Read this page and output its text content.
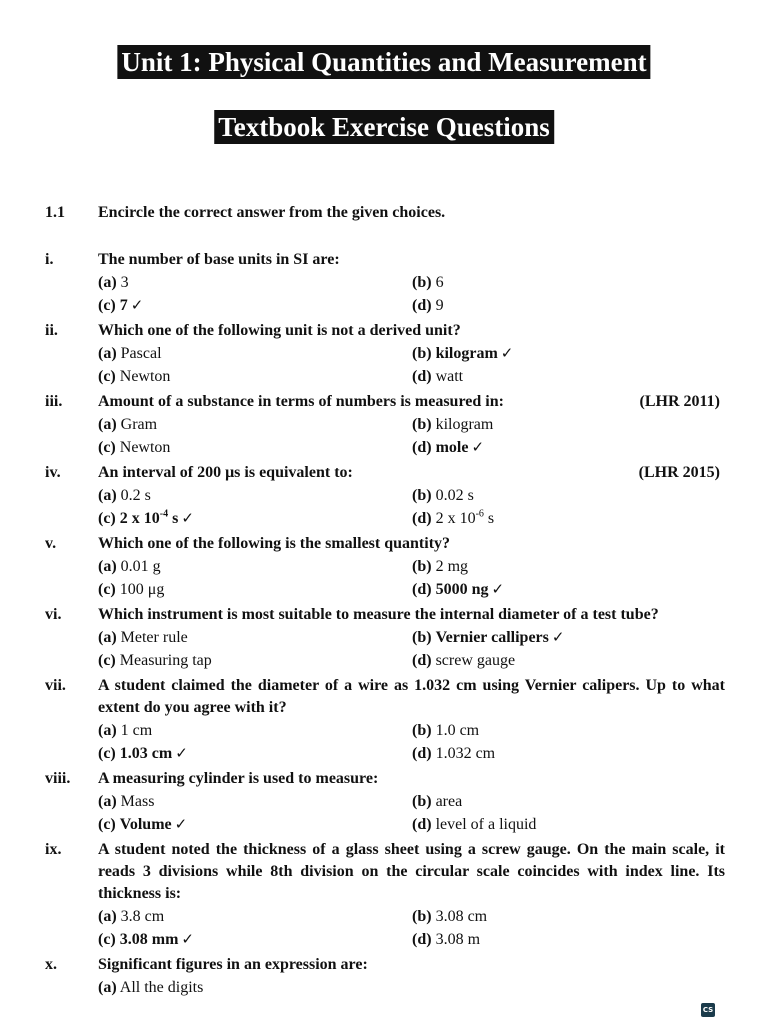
Unit 1: Physical Quantities and Measurement
Textbook Exercise Questions
1.1 Encircle the correct answer from the given choices.
i.	The number of base units in SI are:
(a) 3	(b) 6
(c) 7 ✓	(d) 9
ii.	Which one of the following unit is not a derived unit?
(a) Pascal	(b) kilogram ✓
(c) Newton	(d) watt
iii. Amount of a substance in terms of numbers is measured in:	(LHR 2011)
(a) Gram	(b) kilogram
(c) Newton	(d) mole ✓
iv. An interval of 200 μs is equivalent to:	(LHR 2015)
(a) 0.2 s	(b) 0.02 s
(c) 2 x $10^{-4}$ s ✓	(d) 2 x $10^{-6}$ s
v.	Which one of the following is the smallest quantity?
(a) 0.01 g	(b) 2 mg
(c) 100 μg	(d) 5000 ng ✓
vi. Which instrument is most suitable to measure the internal diameter of a test tube?
(a) Meter rule	(b) Vernier callipers ✓
(c) Measuring tap	(d) screw gauge
vii. A student claimed the diameter of a wire as 1.032 cm using Vernier calipers. Up to what extent do you agree with it?
(a) 1 cm	(b) 1.0 cm
(c) 1.03 cm ✓	(d) 1.032 cm
viii. A measuring cylinder is used to measure:
(a) Mass	(b) area
(c) Volume ✓	(d) level of a liquid
ix. A student noted the thickness of a glass sheet using a screw gauge. On the main scale, it reads 3 divisions while 8th division on the circular scale coincides with index line. Its thickness is:
(a) 3.8 cm	(b) 3.08 cm
(c) 3.08 mm ✓	(d) 3.08 m
x.	Significant figures in an expression are:
(a) All the digits
CS
